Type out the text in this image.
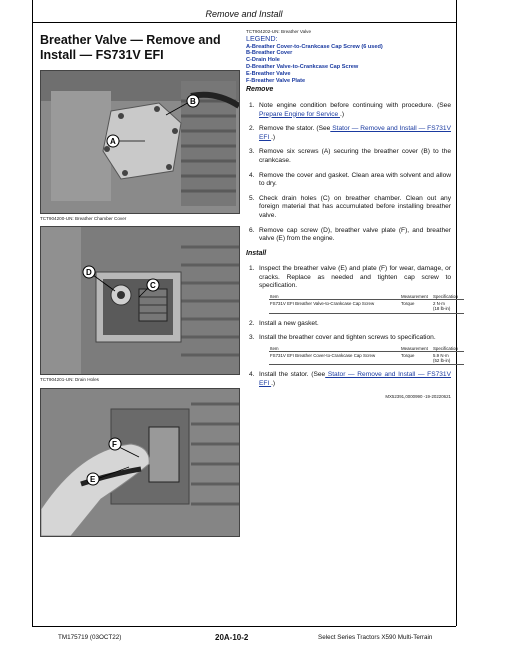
Remove and Install
Breather Valve — Remove and Install — FS731V EFI
B
A
TCT904200-UN: Breather Chamber Cover
D
C
TCT904201-UN: Drain Holes
F
E
TCT904202-UN: Breather Valve
LEGEND:
A-Breather Cover-to-Crankcase Cap Screw (6 used)
B-Breather Cover
C-Drain Hole
D-Breather Valve-to-Crankcase Cap Screw
E-Breather Valve
F-Breather Valve Plate
Remove
1. Note engine condition before continuing with procedure. (See Prepare Engine for Service .)
2. Remove the stator. (See Stator — Remove and Install — FS731V EFI .)
3. Remove six screws (A) securing the breather cover (B) to the crankcase.
4. Remove the cover and gasket. Clean area with solvent and allow to dry.
5. Check drain holes (C) on breather chamber. Clean out any foreign material that has accumulated before installing breather valve.
6. Remove cap screw (D), breather valve plate (F), and breather valve (E) from the engine.
Install
1. Inspect the breather valve (E) and plate (F) for wear, damage, or cracks. Replace as needed and tighten cap screw to specification.
Item	Measurement	Specification
FS731V EFI Breather Valve-to-Crankcase Cap Screw	Torque	2 N·m
(18 lb-in)
2. Install a new gasket.
3. Install the breather cover and tighten screws to specification.
Item	Measurement	Specification
FS731V EFI Breather Cover-to-Crankcase Cap Screw	Torque	5.9 N·m
(52 lb-in)
4. Install the stator. (See Stator — Remove and Install — FS731V EFI .)
MX52391,0000990 -19-20220621
TM175719 (03OCT22)	20A-10-2	Select Series Tractors X590 Multi-Terrain
